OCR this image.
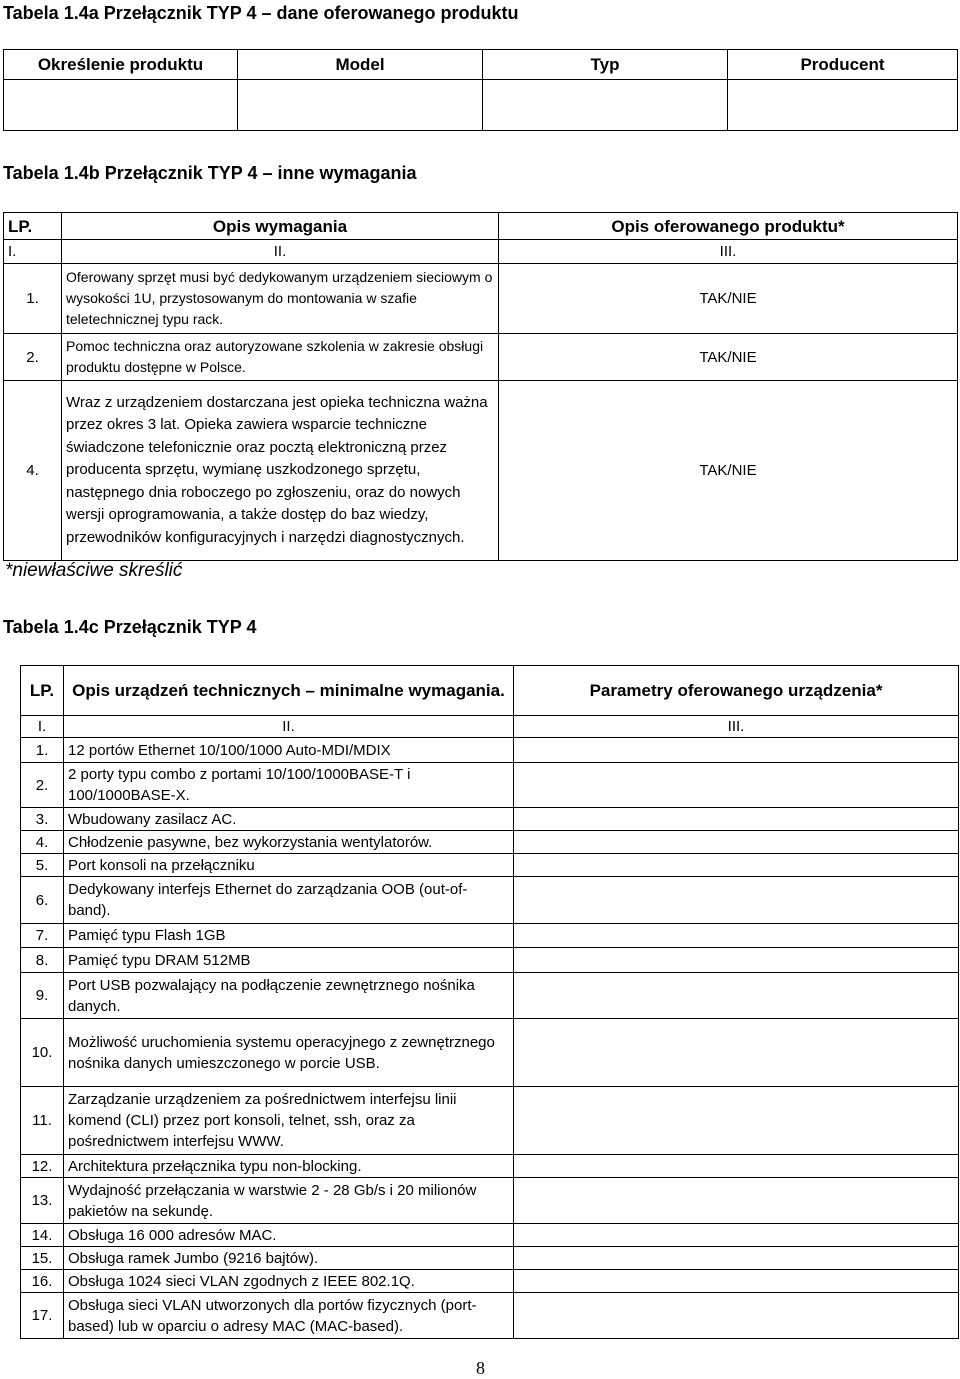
Tabela 1.4a Przełącznik TYP 4 – dane oferowanego produktu
Określenie produktu	Model	Typ	Producent

Tabela 1.4b Przełącznik TYP 4 – inne wymagania
LP.	Opis wymagania	Opis oferowanego produktu*
I.	II.	III.
1.	Oferowany sprzęt musi być dedykowanym urządzeniem sieciowym o wysokości 1U, przystosowanym do montowania w szafie teletechnicznej typu rack.	TAK/NIE
2.	Pomoc techniczna oraz autoryzowane szkolenia w zakresie obsługi produktu dostępne w Polsce.	TAK/NIE
4.	Wraz z urządzeniem dostarczana jest opieka techniczna ważna przez okres 3 lat. Opieka zawiera wsparcie techniczne świadczone telefonicznie oraz pocztą elektroniczną przez producenta sprzętu, wymianę uszkodzonego sprzętu, następnego dnia roboczego po zgłoszeniu, oraz do nowych wersji oprogramowania, a także dostęp do baz wiedzy, przewodników konfiguracyjnych i narzędzi diagnostycznych.	TAK/NIE
*niewłaściwe skreślić
Tabela 1.4c Przełącznik TYP 4
LP.	Opis urządzeń technicznych – minimalne wymagania.	Parametry oferowanego urządzenia*
I.	II.	III.
1.	12 portów Ethernet 10/100/1000 Auto-MDI/MDIX	
2.	2 porty typu combo z portami 10/100/1000BASE-T i 100/1000BASE-X.	
3.	Wbudowany zasilacz AC.	
4.	Chłodzenie pasywne, bez wykorzystania wentylatorów.	
5.	Port konsoli na przełączniku	
6.	Dedykowany interfejs Ethernet do zarządzania OOB (out-of-band).	
7.	Pamięć typu Flash 1GB	
8.	Pamięć typu DRAM 512MB	
9.	Port USB pozwalający na podłączenie zewnętrznego nośnika danych.	
10.	Możliwość uruchomienia systemu operacyjnego z zewnętrznego nośnika danych umieszczonego w porcie USB.	
11.	Zarządzanie urządzeniem za pośrednictwem interfejsu linii komend (CLI) przez port konsoli, telnet, ssh, oraz za pośrednictwem interfejsu WWW.	
12.	Architektura przełącznika typu non-blocking.	
13.	Wydajność przełączania w warstwie 2 - 28 Gb/s i 20 milionów pakietów na sekundę.	
14.	Obsługa 16 000 adresów MAC.	
15.	Obsługa ramek Jumbo (9216 bajtów).	
16.	Obsługa 1024 sieci VLAN zgodnych z IEEE 802.1Q.	
17.	Obsługa sieci VLAN utworzonych dla portów fizycznych (port-based) lub w oparciu o adresy MAC (MAC-based).	
8
